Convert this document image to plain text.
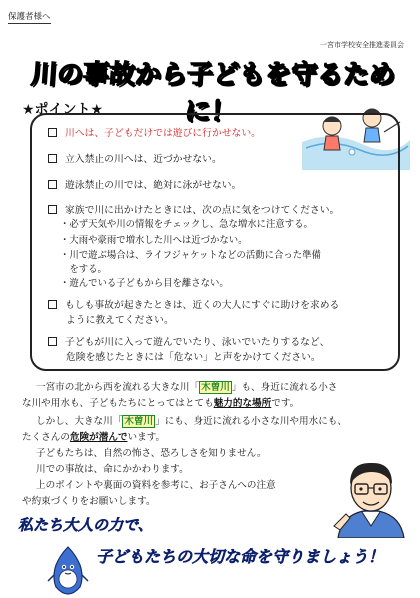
保護者様へ
一宮市学校安全推進委員会
川の事故から子どもを守るために！
★ポイント★
川へは、子どもだけでは遊びに行かせない。
立入禁止の川へは、近づかせない。
遊泳禁止の川では、絶対に泳がせない。
家族で川に出かけたときには、次の点に気をつけてください。
・必ず天気や川の情報をチェックし、急な増水に注意する。
・大雨や豪雨で増水した川へは近づかない。
・川で遊ぶ場合は、ライフジャケットなどの活動に合った準備
　をする。
・遊んでいる子どもから目を離さない。
もしも事故が起きたときは、近くの大人にすぐに助けを求める
ように教えてください。
子どもが川に入って遊んでいたり、泳いでいたりするなど、
危険を感じたときには「危ない」と声をかけてください。
一宮市の北から西を流れる大きな川「 木曽川 」も、身近に流れる小さ
な川や用水も、子どもたちにとってはとても魅力的な場所です。
しかし、大きな川「 木曽川 」にも、身近に流れる小さな川や用水にも、
たくさんの危険が潜んでいます。
子どもたちは、自然の怖さ、恐ろしさを知りません。
川での事故は、命にかかわります。
上のポイントや裏面の資料を参考に、お子さんへの注意
や約束づくりをお願いします。
私たち大人の力で、
子どもたちの大切な命を守りましょう！
